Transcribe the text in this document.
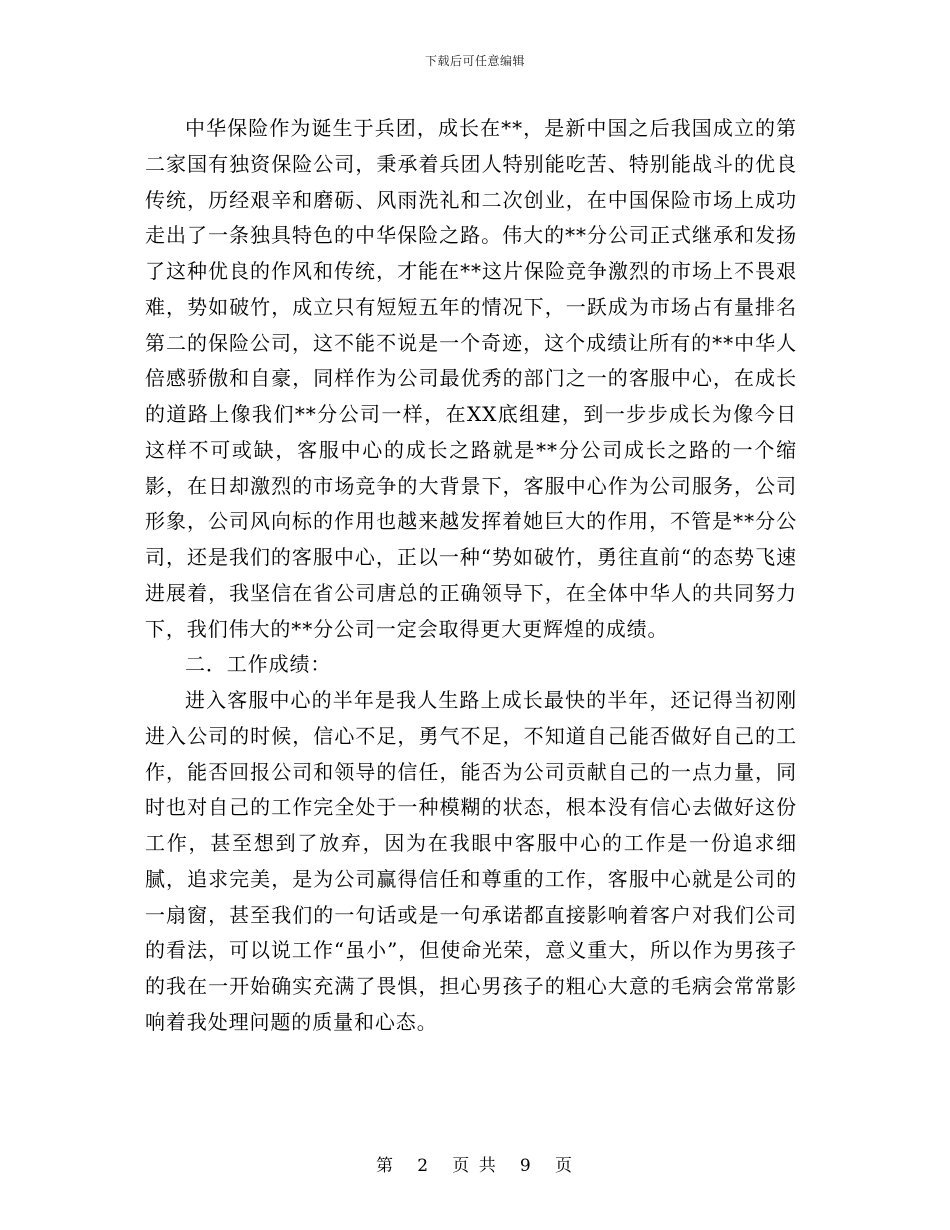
下载后可任意编辑

中华保险作为诞生于兵团，成长在**，是新中国之后我国成立的第二家国有独资保险公司，秉承着兵团人特别能吃苦、特别能战斗的优良传统，历经艰辛和磨砺、风雨洗礼和二次创业，在中国保险市场上成功走出了一条独具特色的中华保险之路。伟大的**分公司正式继承和发扬了这种优良的作风和传统，才能在**这片保险竞争激烈的市场上不畏艰难，势如破竹，成立只有短短五年的情况下，一跃成为市场占有量排名第二的保险公司，这不能不说是一个奇迹，这个成绩让所有的**中华人倍感骄傲和自豪，同样作为公司最优秀的部门之一的客服中心，在成长的道路上像我们**分公司一样，在XX底组建，到一步步成长为像今日这样不可或缺，客服中心的成长之路就是**分公司成长之路的一个缩影，在日却激烈的市场竞争的大背景下，客服中心作为公司服务，公司形象，公司风向标的作用也越来越发挥着她巨大的作用，不管是**分公司，还是我们的客服中心，正以一种“势如破竹，勇往直前“的态势飞速进展着，我坚信在省公司唐总的正确领导下，在全体中华人的共同努力下，我们伟大的**分公司一定会取得更大更辉煌的成绩。

二．工作成绩：

进入客服中心的半年是我人生路上成长最快的半年，还记得当初刚进入公司的时候，信心不足，勇气不足，不知道自己能否做好自己的工作，能否回报公司和领导的信任，能否为公司贡献自己的一点力量，同时也对自己的工作完全处于一种模糊的状态，根本没有信心去做好这份工作，甚至想到了放弃，因为在我眼中客服中心的工作是一份追求细腻，追求完美，是为公司赢得信任和尊重的工作，客服中心就是公司的一扇窗，甚至我们的一句话或是一句承诺都直接影响着客户对我们公司的看法，可以说工作“虽小”，但使命光荣，意义重大，所以作为男孩子的我在一开始确实充满了畏惧，担心男孩子的粗心大意的毛病会常常影响着我处理问题的质量和心态。

第 2 页 共 9 页
